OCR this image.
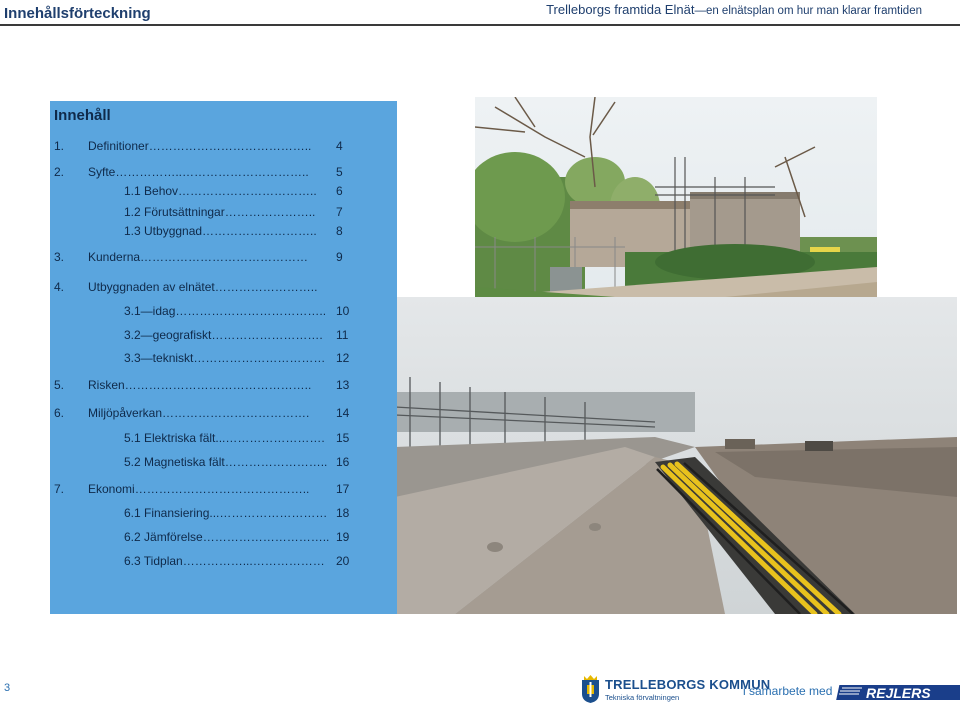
Innehållsförteckning	Trelleborgs framtida Elnät—en elnätsplan om hur man klarar framtiden
Innehåll
1. Definitioner………………………………….. 4
2. Syfte……………..………………………….. 5
1.1 Behov…………………………….. 6
1.2 Förutsättningar………………….. 7
1.3 Utbyggnad……………………….. 8
3. Kunderna…………………………………… 9
4. Utbyggnaden av elnätet……………………..
3.1—idag……………………………….. 10
3.2—geografiskt………………………. 11
3.3—tekniskt…………………………… 12
5. Risken……………………………………….. 13
6. Miljöpåverkan………………………………. 14
5.1 Elektriska fält...……………………. 15
5.2 Magnetiska fält…………………….. 16
7. Ekonomi…………………………………….. 17
6.1 Finansiering...……………………… 18
6.2 Jämförelse………………………….. 19
6.3 Tidplan……………...……………… 20
3	TRELLEBORGS KOMMUN
Tekniska förvaltningen	i samarbete med REJLERS
